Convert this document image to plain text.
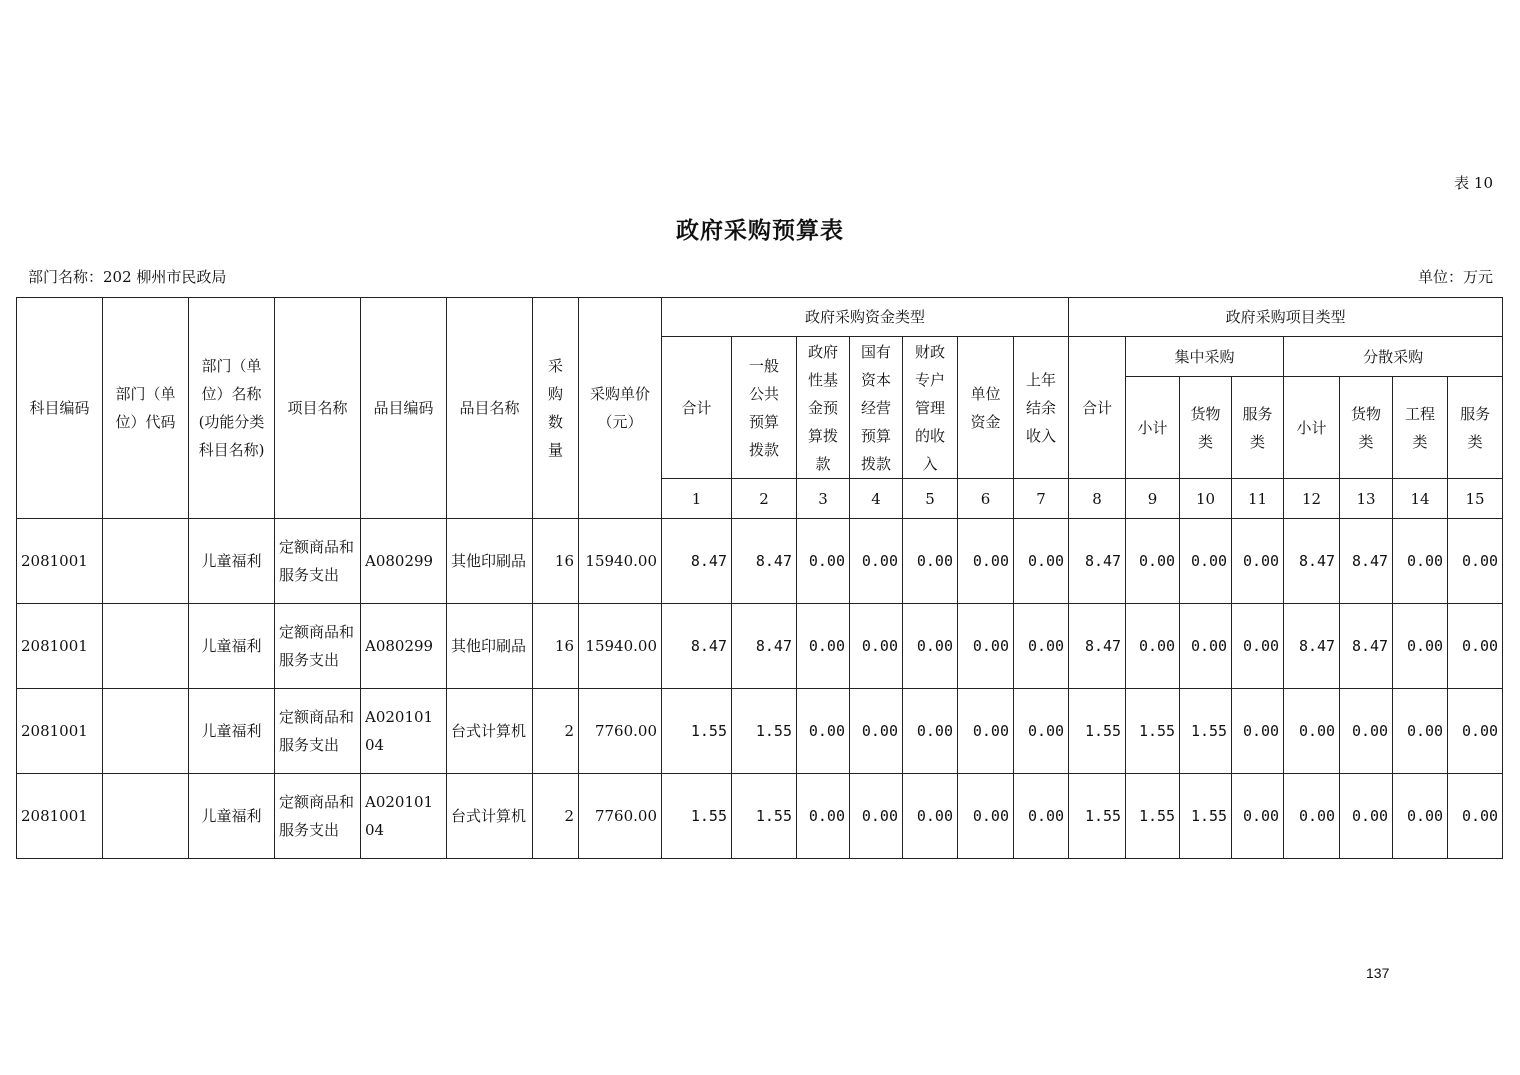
表 10
政府采购预算表
部门名称：202 柳州市民政局	单位：万元
科目编码	部门（单位）代码	部门（单位）名称(功能分类科目名称)	项目名称	品目编码	品目名称	采购数量	采购单价（元）	政府采购资金类型							政府采购项目类型							
								合计	一般公共预算拨款	政府性基金预算拨款	国有资本经营预算拨款	财政专户管理的收入	单位资金	上年结余收入	合计	集中采购			分散采购			
																小计	货物类	服务类	小计	货物类	工程类	服务类
								1	2	3	4	5	6	7	8	9	10	11	12	13	14	15
2081001		儿童福利	定额商品和服务支出	A080299	其他印刷品	16	15940.00	8.47	8.47	0.00	0.00	0.00	0.00	0.00	8.47	0.00	0.00	0.00	8.47	8.47	0.00	0.00
2081001		儿童福利	定额商品和服务支出	A080299	其他印刷品	16	15940.00	8.47	8.47	0.00	0.00	0.00	0.00	0.00	8.47	0.00	0.00	0.00	8.47	8.47	0.00	0.00
2081001		儿童福利	定额商品和服务支出	A02010104	台式计算机	2	7760.00	1.55	1.55	0.00	0.00	0.00	0.00	0.00	1.55	1.55	1.55	0.00	0.00	0.00	0.00	0.00
2081001		儿童福利	定额商品和服务支出	A02010104	台式计算机	2	7760.00	1.55	1.55	0.00	0.00	0.00	0.00	0.00	1.55	1.55	1.55	0.00	0.00	0.00	0.00	0.00
137
